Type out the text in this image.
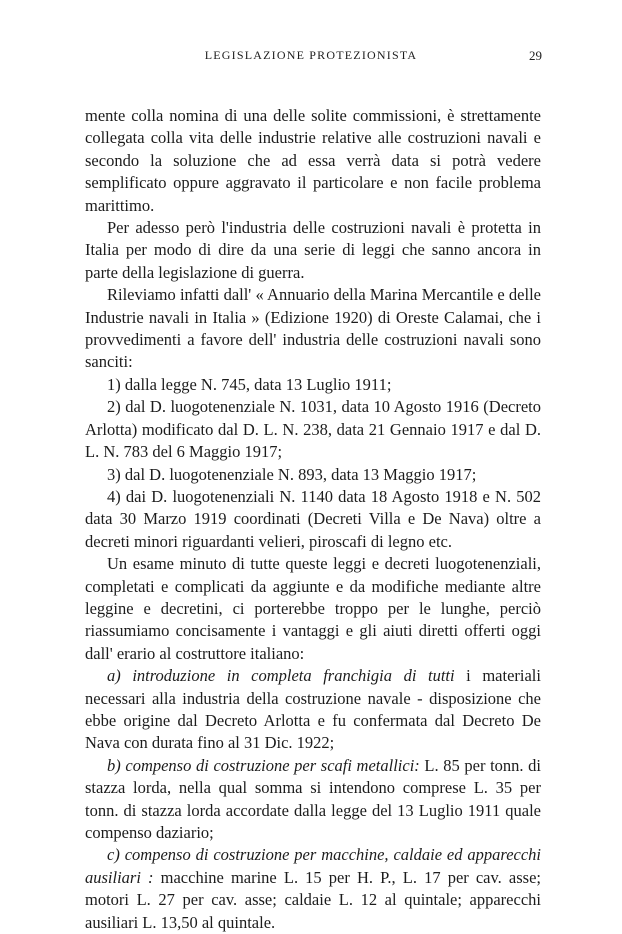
LEGISLAZIONE PROTEZIONISTA	29

mente colla nomina di una delle solite commissioni, è strettamente collegata colla vita delle industrie relative alle costruzioni navali e secondo la soluzione che ad essa verrà data si potrà vedere semplificato oppure aggravato il particolare e non facile problema marittimo.

Per adesso però l'industria delle costruzioni navali è protetta in Italia per modo di dire da una serie di leggi che sanno ancora in parte della legislazione di guerra.

Rileviamo infatti dall' « Annuario della Marina Mercantile e delle Industrie navali in Italia » (Edizione 1920) di Oreste Calamai, che i provvedimenti a favore dell' industria delle costruzioni navali sono sanciti:

1) dalla legge N. 745, data 13 Luglio 1911;

2) dal D. luogotenenziale N. 1031, data 10 Agosto 1916 (Decreto Arlotta) modificato dal D. L. N. 238, data 21 Gennaio 1917 e dal D. L. N. 783 del 6 Maggio 1917;

3) dal D. luogotenenziale N. 893, data 13 Maggio 1917;

4) dai D. luogotenenziali N. 1140 data 18 Agosto 1918 e N. 502 data 30 Marzo 1919 coordinati (Decreti Villa e De Nava) oltre a decreti minori riguardanti velieri, piroscafi di legno etc.

Un esame minuto di tutte queste leggi e decreti luogotenenziali, completati e complicati da aggiunte e da modifiche mediante altre leggine e decretini, ci porterebbe troppo per le lunghe, perciò riassumiamo concisamente i vantaggi e gli aiuti diretti offerti oggi dall' erario al costruttore italiano:

a) introduzione in completa franchigia di tutti i materiali necessari alla industria della costruzione navale - disposizione che ebbe origine dal Decreto Arlotta e fu confermata dal Decreto De Nava con durata fino al 31 Dic. 1922;

b) compenso di costruzione per scafi metallici: L. 85 per tonn. di stazza lorda, nella qual somma si intendono comprese L. 35 per tonn. di stazza lorda accordate dalla legge del 13 Luglio 1911 quale compenso daziario;

c) compenso di costruzione per macchine, caldaie ed apparecchi ausiliari : macchine marine L. 15 per H. P., L. 17 per cav. asse; motori L. 27 per cav. asse; caldaie L. 12 al quintale; apparecchi ausiliari L. 13,50 al quintale.
